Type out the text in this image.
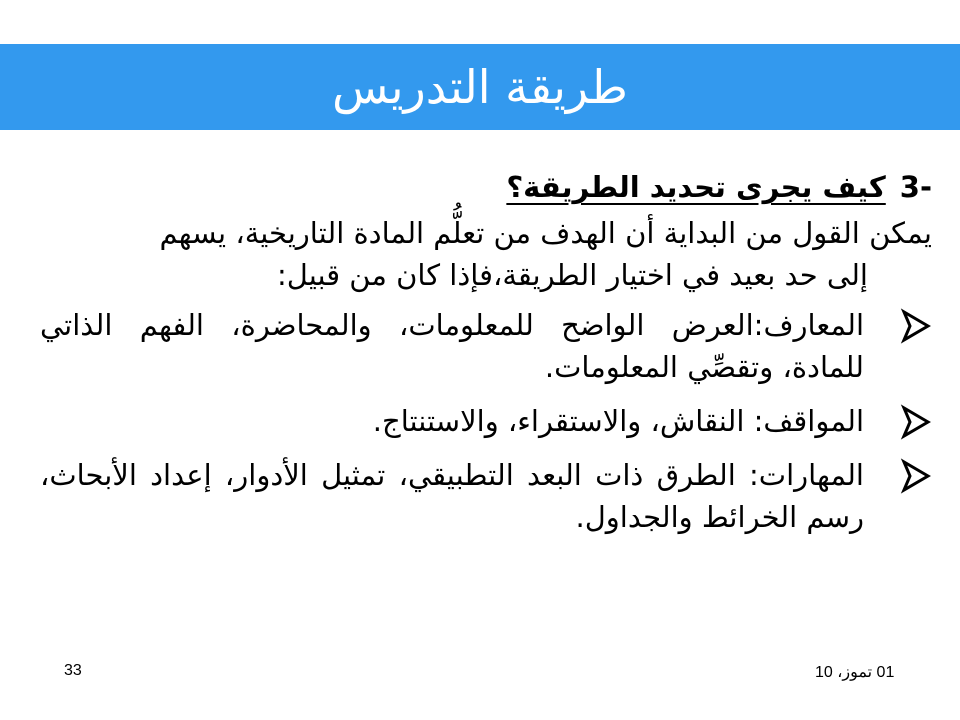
طريقة التدريس
3-كيف يجرى تحديد الطريقة؟
يمكن القول من البداية أن الهدف من تعلُّم المادة التاريخية، يسهم
إلى حد بعيد في اختيار الطريقة،فإذا كان من قبيل:
المعارف:العرض الواضح للمعلومات، والمحاضرة، الفهم الذاتي للمادة، وتقصِّي المعلومات.
المواقف: النقاش، والاستقراء، والاستنتاج.
المهارات: الطرق ذات البعد التطبيقي، تمثيل الأدوار، إعداد الأبحاث، رسم الخرائط والجداول.
01 تموز، 10
33
